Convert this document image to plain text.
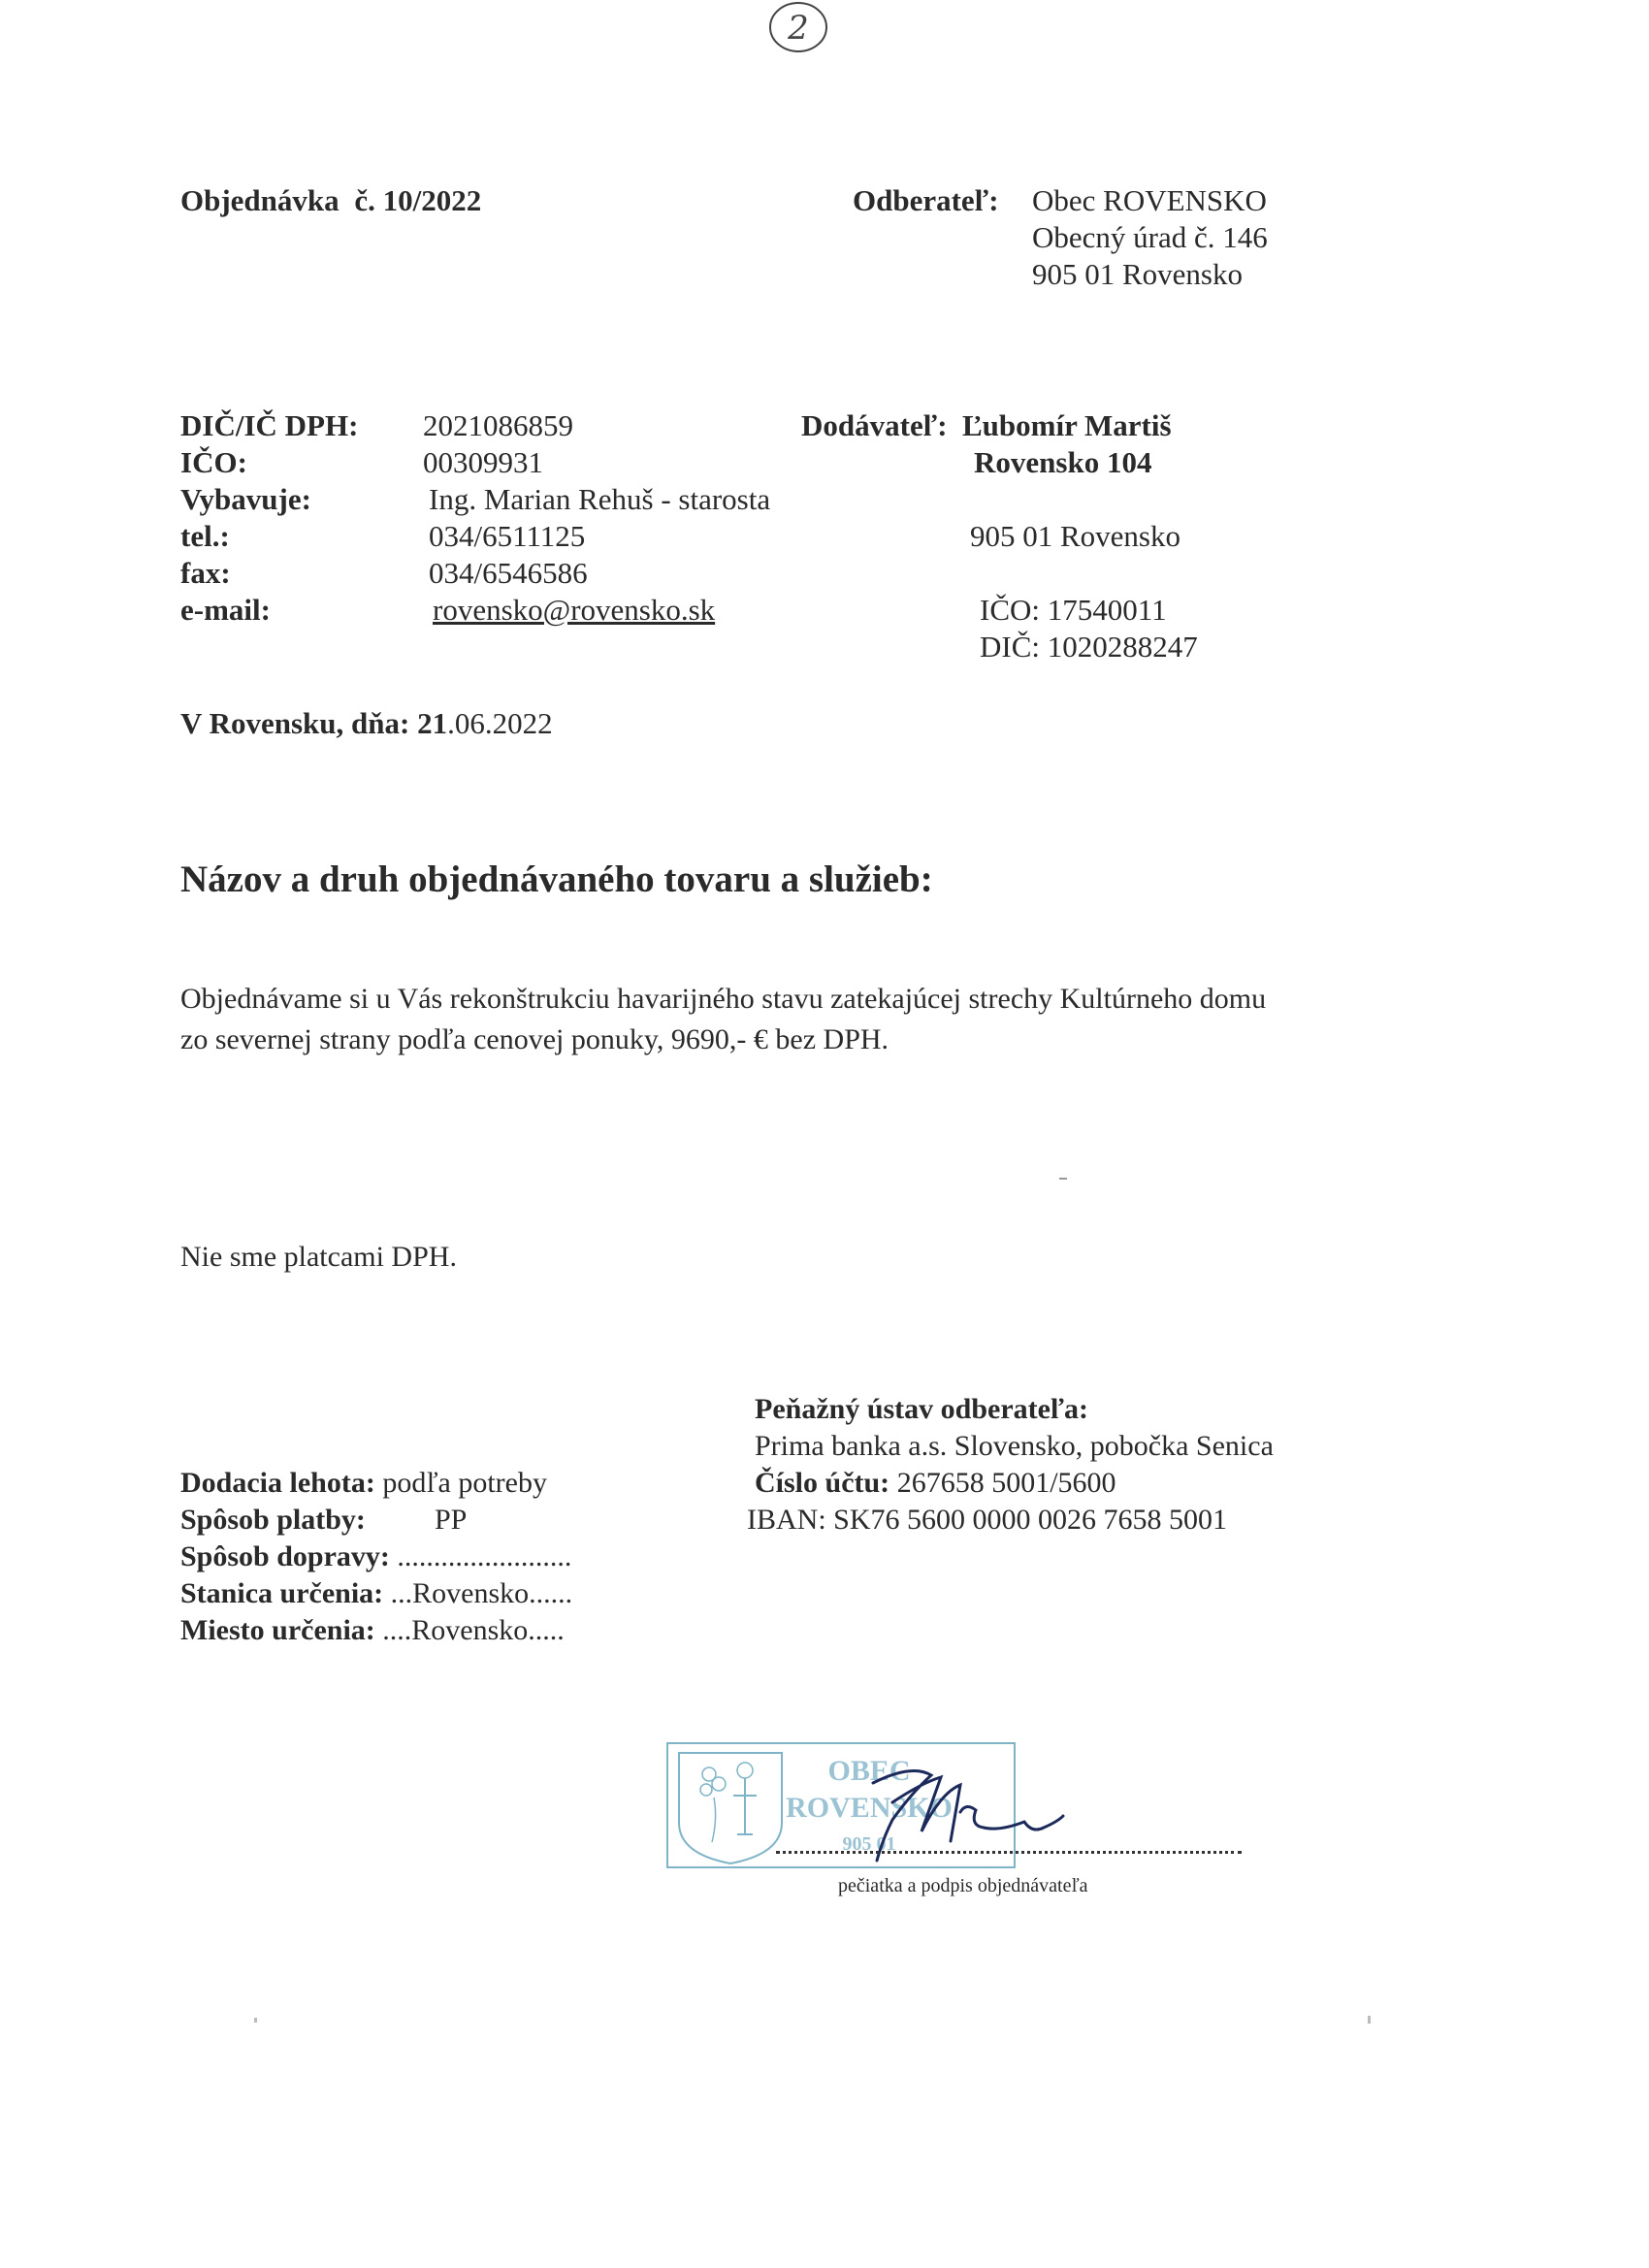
2
Objednávka č. 10/2022	Odberateľ: Obec ROVENSKO
Obecný úrad č. 146
905 01 Rovensko
DIČ/IČ DPH: 2021086859
IČO:	00309931
Vybavuje:	Ing. Marian Rehuš - starosta
tel.:	034/6511125
fax:	034/6546586
e-mail:	rovensko@rovensko.sk
Dodávateľ: Ľubomír Martiš
Rovensko 104
905 01 Rovensko
IČO: 17540011
DIČ: 1020288247
V Rovensku, dňa: 21.06.2022
Názov a druh objednávaného tovaru a služieb:
Objednávame si u Vás rekonštrukciu havarijného stavu zatekajúcej strechy Kultúrneho domu
zo severnej strany podľa cenovej ponuky, 9690,- € bez DPH.
Nie sme platcami DPH.
Peňažný ústav odberateľa:
Prima banka a.s. Slovensko, pobočka Senica
Číslo účtu: 267658 5001/5600
IBAN: SK76 5600 0000 0026 7658 5001
Dodacia lehota: podľa potreby
Spôsob platby: PP
Spôsob dopravy: ........................
Stanica určenia: ...Rovensko......
Miesto určenia: ....Rovensko.....
OBEC
ROVENSKO
905 01
pečiatka a podpis objednávateľa
